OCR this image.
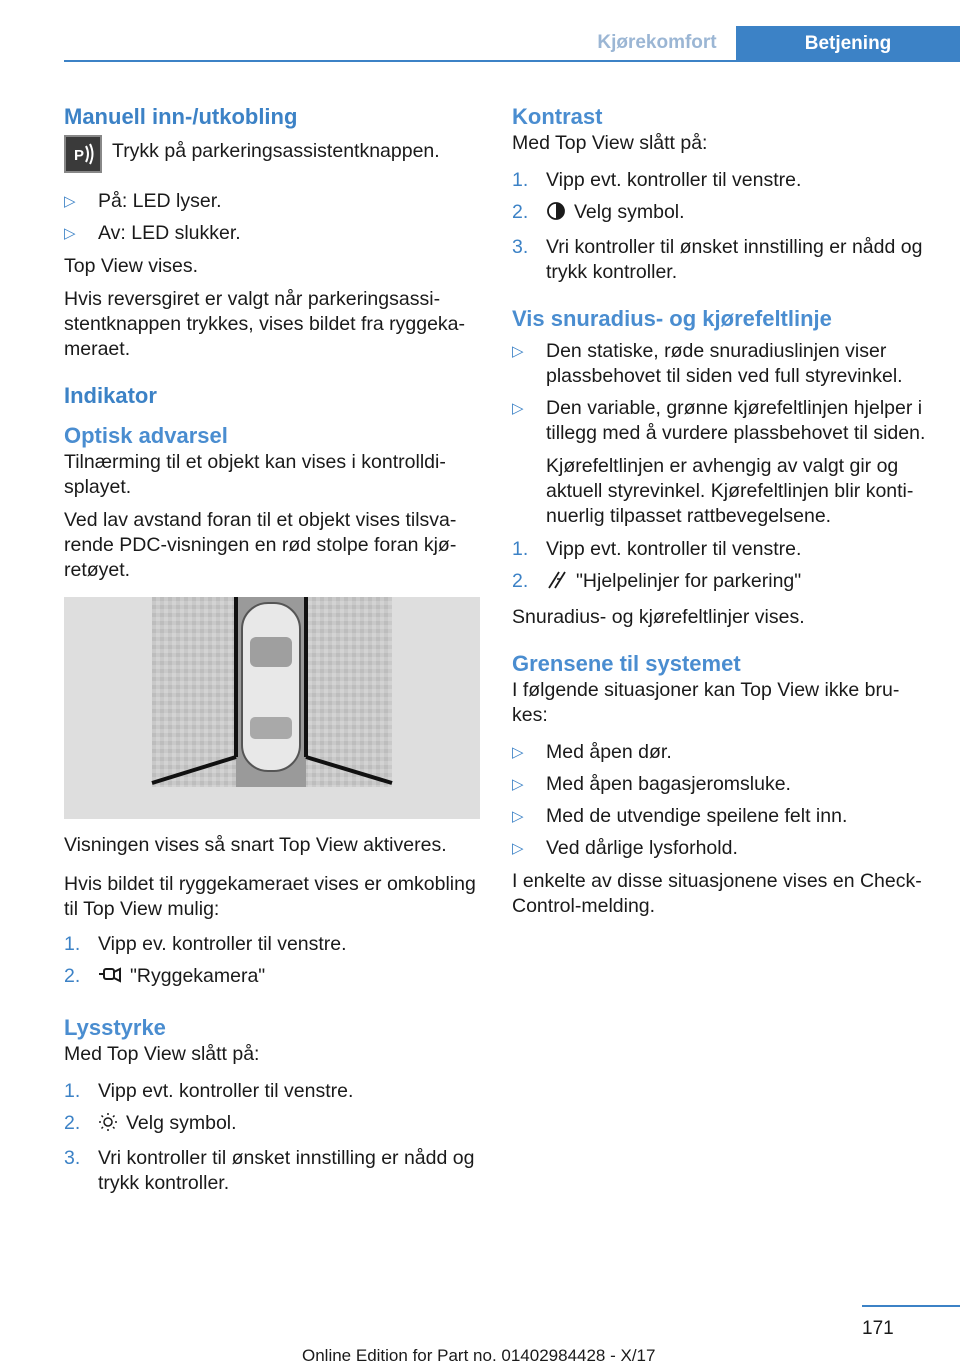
Kjørekomfort	Betjening
Manuell inn-/utkobling
P Trykk på parkeringsassistentknappen.
▷ På: LED lyser.
▷ Av: LED slukker.

Top View vises.

Hvis reversgiret er valgt når parkeringsassistentknappen trykkes, vises bildet fra ryggekameraet.

Indikator
Optisk advarsel

Tilnærming til et objekt kan vises i kontrolldisplayet.

Ved lav avstand foran til et objekt vises tilsvarende PDC-visningen en rød stolpe foran kjøretøyet.

Visningen vises så snart Top View aktiveres.

Hvis bildet til ryggekameraet vises er omkobling til Top View mulig:

1. Vipp ev. kontroller til venstre.
2.	"Ryggekamera"
Lysstyrke

Med Top View slått på:

1. Vipp evt. kontroller til venstre.
2. Velg symbol.
3. Vri kontroller til ønsket innstilling er nådd og trykk kontroller.
Kontrast

Med Top View slått på:

1. Vipp evt. kontroller til venstre.
2. Velg symbol.
3. Vri kontroller til ønsket innstilling er nådd og trykk kontroller.
Vis snuradius- og kjørefeltlinje
▷ Den statiske, røde snuradiuslinjen viser plassbehovet til siden ved full styrevinkel.
▷ Den variable, grønne kjørefeltlinjen hjelper i tillegg med å vurdere plassbehovet til siden.
Kjørefeltlinjen er avhengig av valgt gir og aktuell styrevinkel. Kjørefeltlinjen blir kontinuerlig tilpasset rattbevegelsene.
1. Vipp evt. kontroller til venstre.
2. "Hjelpelinjer for parkering"

Snuradius- og kjørefeltlinjer vises.

Grensene til systemet

I følgende situasjoner kan Top View ikke brukes:

▷ Med åpen dør.
▷ Med åpen bagasjeromsluke.
▷ Med de utvendige speilene felt inn.
▷ Ved dårlige lysforhold.

I enkelte av disse situasjonene vises en Check-Control-melding.

171
Online Edition for Part no. 01402984428 - X/17
